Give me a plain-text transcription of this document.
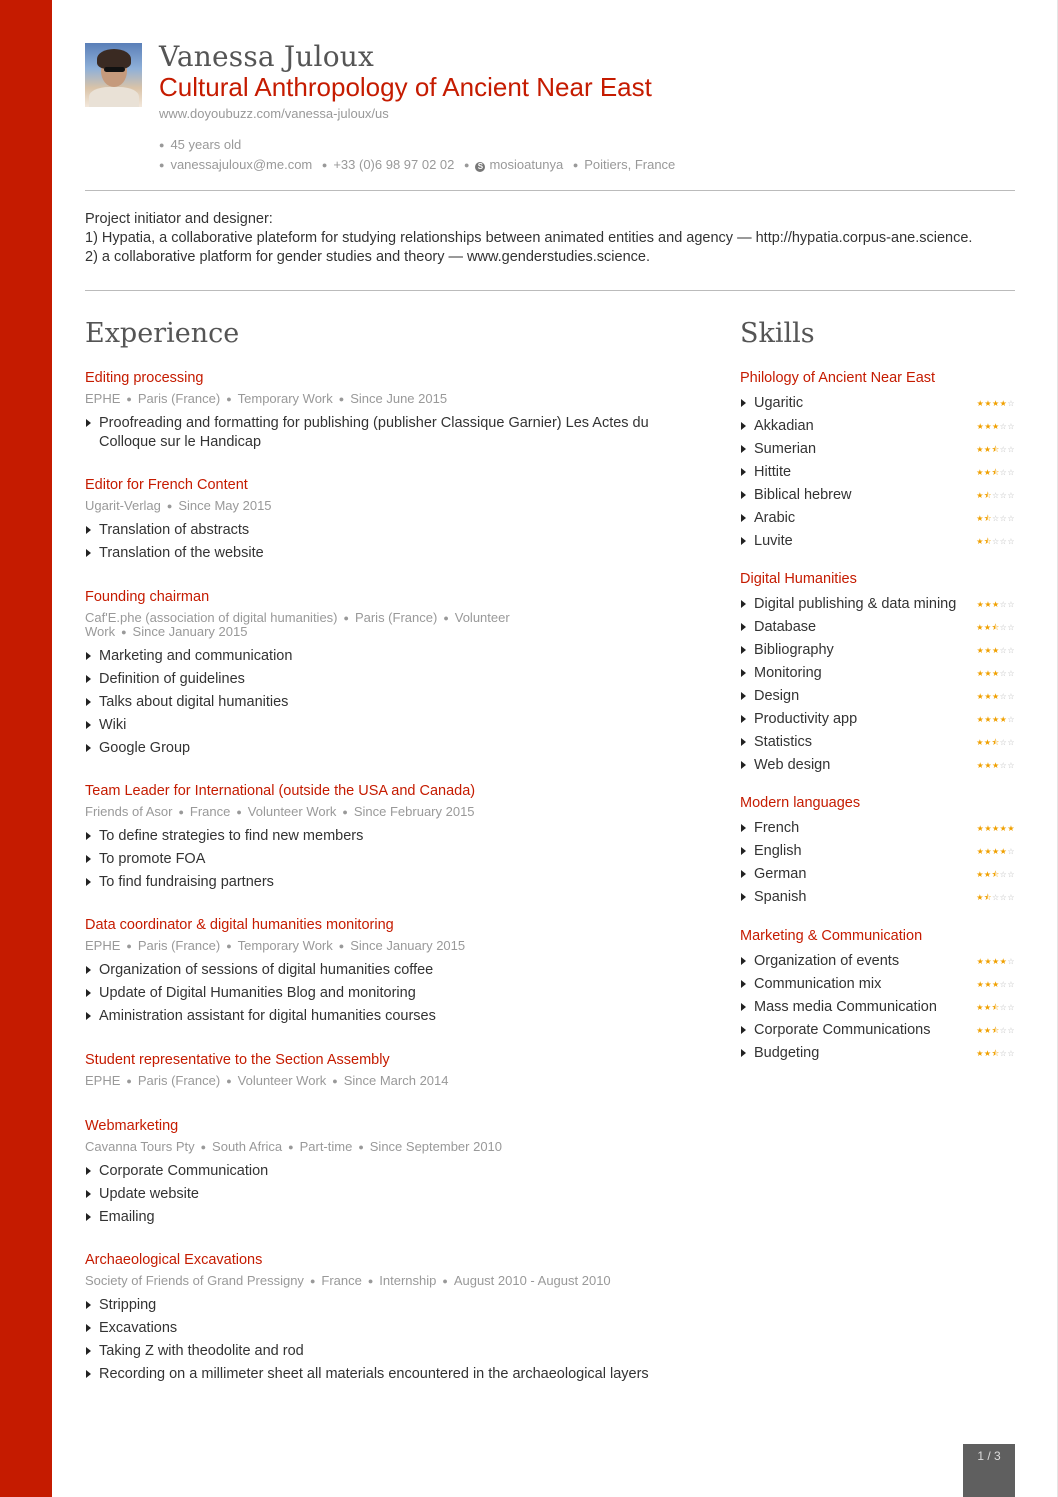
Vanessa Juloux
Cultural Anthropology of Ancient Near East
www.doyoubuzz.com/vanessa-juloux/us
● 45 years old
● vanessajuloux@me.com ● +33 (0)6 98 97 02 02 ● S mosioatunya ● Poitiers, France
Project initiator and designer:
1) Hypatia, a collaborative plateform for studying relationships between animated entities and agency — http://hypatia.corpus-ane.science.
2) a collaborative platform for gender studies and theory — www.genderstudies.science.
Experience	Skills
Editing processing
EPHE ● Paris (France) ● Temporary Work ● Since June 2015
Proofreading and formatting for publishing (publisher Classique Garnier) Les Actes du Colloque sur le Handicap
Editor for French Content
Ugarit-Verlag ● Since May 2015
Translation of abstracts
Translation of the website
Founding chairman
Caf'E.phe (association of digital humanities) ● Paris (France) ● Volunteer Work ● Since January 2015
Marketing and communication
Definition of guidelines
Talks about digital humanities
Wiki
Google Group
Team Leader for International (outside the USA and Canada)
Friends of Asor ● France ● Volunteer Work ● Since February 2015
To define strategies to find new members
To promote FOA
To find fundraising partners
Data coordinator & digital humanities monitoring
EPHE ● Paris (France) ● Temporary Work ● Since January 2015
Organization of sessions of digital humanities coffee
Update of Digital Humanities Blog and monitoring
Aministration assistant for digital humanities courses
Student representative to the Section Assembly
EPHE ● Paris (France) ● Volunteer Work ● Since March 2014
Webmarketing
Cavanna Tours Pty ● South Africa ● Part-time ● Since September 2010
Corporate Communication
Update website
Emailing
Archaeological Excavations
Society of Friends of Grand Pressigny ● France ● Internship ● August 2010 - August 2010
Stripping
Excavations
Taking Z with theodolite and rod
Recording on a millimeter sheet all materials encountered in the archaeological layers
Philology of Ancient Near East
Ugaritic	★★★★☆
Akkadian	★★★☆☆
Sumerian	★★⯪☆☆
Hittite	★★⯪☆☆
Biblical hebrew	★⯪☆☆☆
Arabic	★⯪☆☆☆
Luvite	★⯪☆☆☆
Digital Humanities
Digital publishing & data mining	★★★☆☆
Database	★★⯪☆☆
Bibliography	★★★☆☆
Monitoring	★★★☆☆
Design	★★★☆☆
Productivity app	★★★★☆
Statistics	★★⯪☆☆
Web design	★★★☆☆
Modern languages
French	★★★★★
English	★★★★☆
German	★★⯪☆☆
Spanish	★⯪☆☆☆
Marketing & Communication
Organization of events	★★★★☆
Communication mix	★★★☆☆
Mass media Communication	★★⯪☆☆
Corporate Communications	★★⯪☆☆
Budgeting	★★⯪☆☆
1 / 3
